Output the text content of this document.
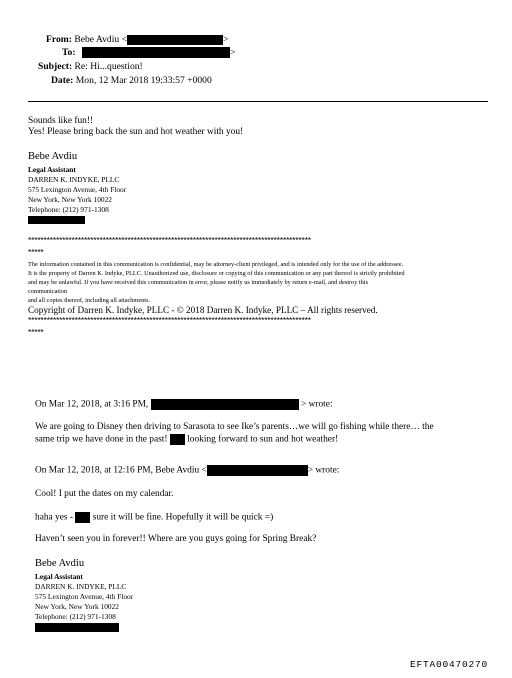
From: Bebe Avdiu <	>
To:	>
Subject: Re: Hi...question!
Date: Mon, 12 Mar 2018 19:33:57 +0000
Sounds like fun!!
Yes! Please bring back the sun and hot weather with you!
Bebe Avdiu
Legal Assistant
DARREN K. INDYKE, PLLC
575 Lexington Avenue, 4th Floor
New York, New York 10022
Telephone: (212) 971-1308
*******************************************************************************************
*****
The information contained in this communication is confidential, may be attorney-client privileged, and is intended only for the use of the addressee.
It is the property of Darren K. Indyke, PLLC. Unauthorized use, disclosure or copying of this communication or any part thereof is strictly prohibited
and may be unlawful. If you have received this communication in error, please notify us immediately by return e-mail, and destroy this
communication
and all copies thereof, including all attachments.
Copyright of Darren K. Indyke, PLLC - © 2018 Darren K. Indyke, PLLC – All rights reserved.
*******************************************************************************************
*****
On Mar 12, 2018, at 3:16 PM,	> wrote:
We are going to Disney then driving to Sarasota to see Ike’s parents…we will go fishing while there… the
same trip we have done in the past! looking forward to sun and hot weather!
On Mar 12, 2018, at 12:16 PM, Bebe Avdiu <	> wrote:
Cool! I put the dates on my calendar.
haha yes - sure it will be fine. Hopefully it will be quick =)
Haven’t seen you in forever!! Where are you guys going for Spring Break?
Bebe Avdiu
Legal Assistant
DARREN K. INDYKE, PLLC
575 Lexington Avenue, 4th Floor
New York, New York 10022
Telephone: (212) 971-1308
EFTA00470270
